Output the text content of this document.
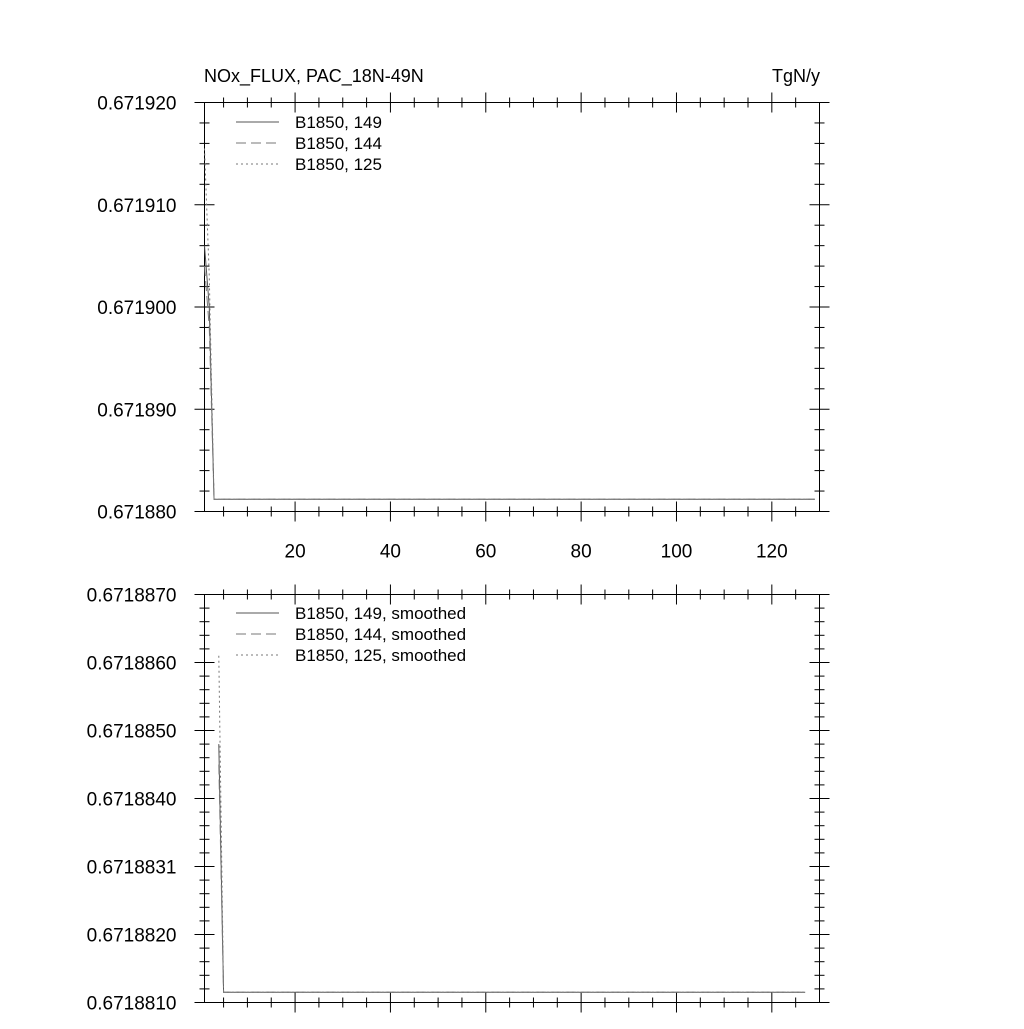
NOx_FLUX, PAC_18N-49N	TgN/y
20	40	60	80	100	120
0.671880
0.671890
0.671900
0.671910
0.671920
B1850, 149
B1850, 144
B1850, 125
0.6718810
0.6718820
0.6718831
0.6718840
0.6718850
0.6718860
0.6718870
B1850, 149, smoothed
B1850, 144, smoothed
B1850, 125, smoothed
